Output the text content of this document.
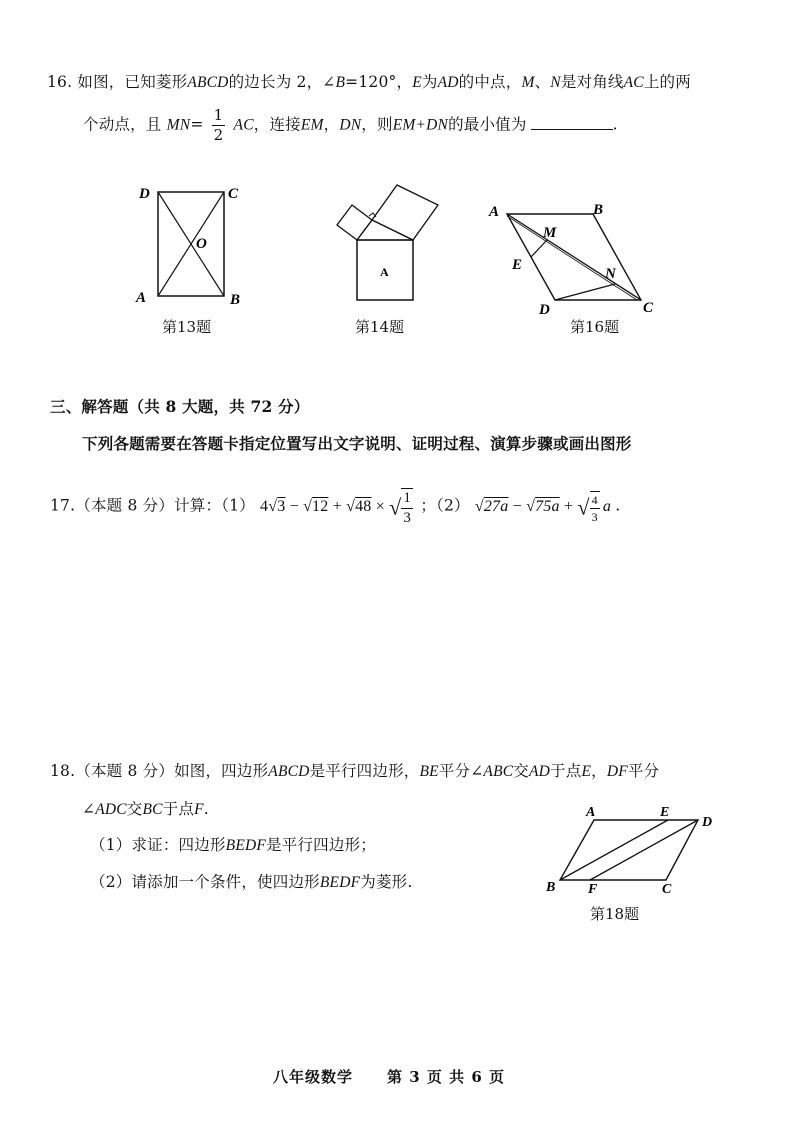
16. 如图，已知菱形ABCD的边长为 2，∠B=120°，E为AD的中点，M、N是对角线AC上的两
个动点，且 $MN= \frac{1}{2}$ AC，连接EM，DN，则EM+DN的最小值为	.
D	C
O
A	B
第13题
A
第14题
A	B
M
E
N
D	C
第16题
三、解答题（共 8 大题，共 72 分）
下列各题需要在答题卡指定位置写出文字说明、证明过程、演算步骤或画出图形
17.（本题 8 分）计算：（1） 4√3 − √12 + √48 × √ $\frac{1}{3}$ ；（2） √27a − √75a + √ $\frac{4}{3}$ a .
18.（本题 8 分）如图，四边形ABCD是平行四边形，BE平分∠ABC交AD于点E，DF平分
∠ADC交BC于点F.
（1）求证：四边形BEDF是平行四边形；
（2）请添加一个条件，使四边形BEDF为菱形.
A	E
D
B F	C
第18题
八年级数学 第 3 页 共 6 页
